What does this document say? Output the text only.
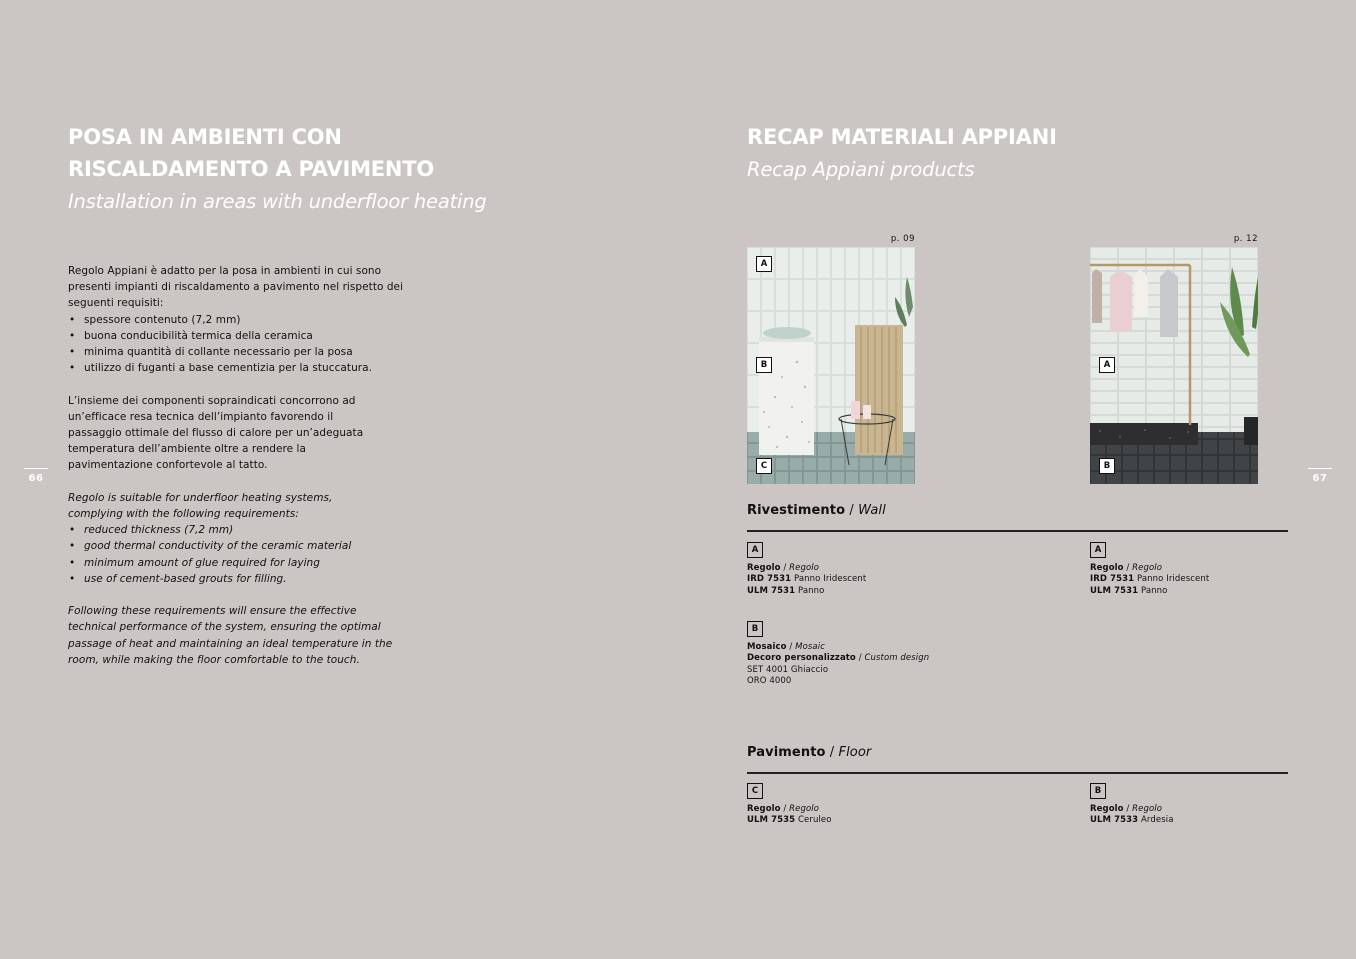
POSA IN AMBIENTI CON
RISCALDAMENTO A PAVIMENTO
Installation in areas with underfloor heating
Regolo Appiani è adatto per la posa in ambienti in cui sono presenti impianti di riscaldamento a pavimento nel rispetto dei seguenti requisiti:
• spessore contenuto (7,2 mm)
• buona conducibilità termica della ceramica
• minima quantità di collante necessario per la posa
• utilizzo di fuganti a base cementizia per la stuccatura.
L’insieme dei componenti sopraindicati concorrono ad un’efficace resa tecnica dell’impianto favorendo il passaggio ottimale del flusso di calore per un’adeguata temperatura dell’ambiente oltre a rendere la pavimentazione confortevole al tatto.
Regolo is suitable for underfloor heating systems, complying with the following requirements:
• reduced thickness (7,2 mm)
• good thermal conductivity of the ceramic material
• minimum amount of glue required for laying
• use of cement-based grouts for filling.
Following these requirements will ensure the effective technical performance of the system, ensuring the optimal passage of heat and maintaining an ideal temperature in the room, while making the floor comfortable to the touch.
66
RECAP MATERIALI APPIANI
Recap Appiani products
67
p. 09
A
B
C
p. 12
A
B
Rivestimento / Wall
A
Regolo / Regolo
IRD 7531 Panno Iridescent
ULM 7531 Panno
B
Mosaico / Mosaic
Decoro personalizzato / Custom design
SET 4001 Ghiaccio
ORO 4000
A
Regolo / Regolo
IRD 7531 Panno Iridescent
ULM 7531 Panno
Pavimento / Floor
C
Regolo / Regolo
ULM 7535 Ceruleo
B
Regolo / Regolo
ULM 7533 Ardesia
